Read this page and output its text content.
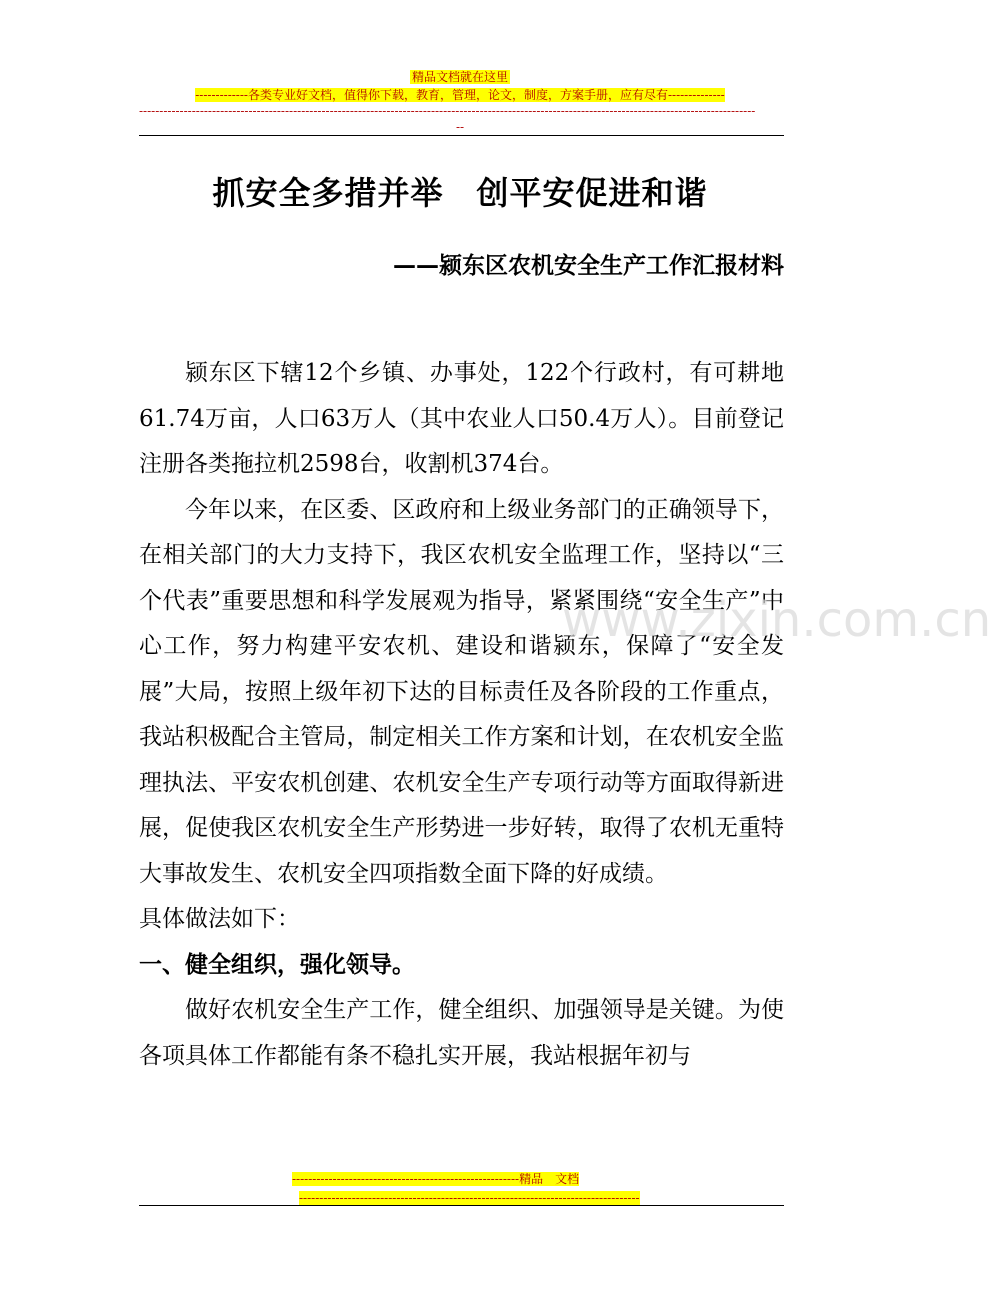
精品文档就在这里
-------------各类专业好文档，值得你下载，教育，管理，论文，制度，方案手册，应有尽有--------------
--------------------------------------------------------------------------------------------------------------------------------------------------------
--
抓安全多措并举　创平安促进和谐
——颍东区农机安全生产工作汇报材料

颍东区下辖12个乡镇、办事处，122个行政村，有可耕地61.74万亩，人口63万人（其中农业人口50.4万人）。目前登记注册各类拖拉机2598台，收割机374台。

今年以来，在区委、区政府和上级业务部门的正确领导下，在相关部门的大力支持下，我区农机安全监理工作，坚持以“三个代表”重要思想和科学发展观为指导，紧紧围绕“安全生产”中心工作，努力构建平安农机、建设和谐颍东，保障了“安全发展”大局，按照上级年初下达的目标责任及各阶段的工作重点，我站积极配合主管局，制定相关工作方案和计划，在农机安全监理执法、平安农机创建、农机安全生产专项行动等方面取得新进展，促使我区农机安全生产形势进一步好转，取得了农机无重特大事故发生、农机安全四项指数全面下降的好成绩。

具体做法如下：

一、健全组织，强化领导。

做好农机安全生产工作，健全组织、加强领导是关键。为使各项具体工作都能有条不稳扎实开展，我站根据年初与

www.zixin.com.cn
--------------------------------------------------------精品　文档
------------------------------------------------------------------------------------
